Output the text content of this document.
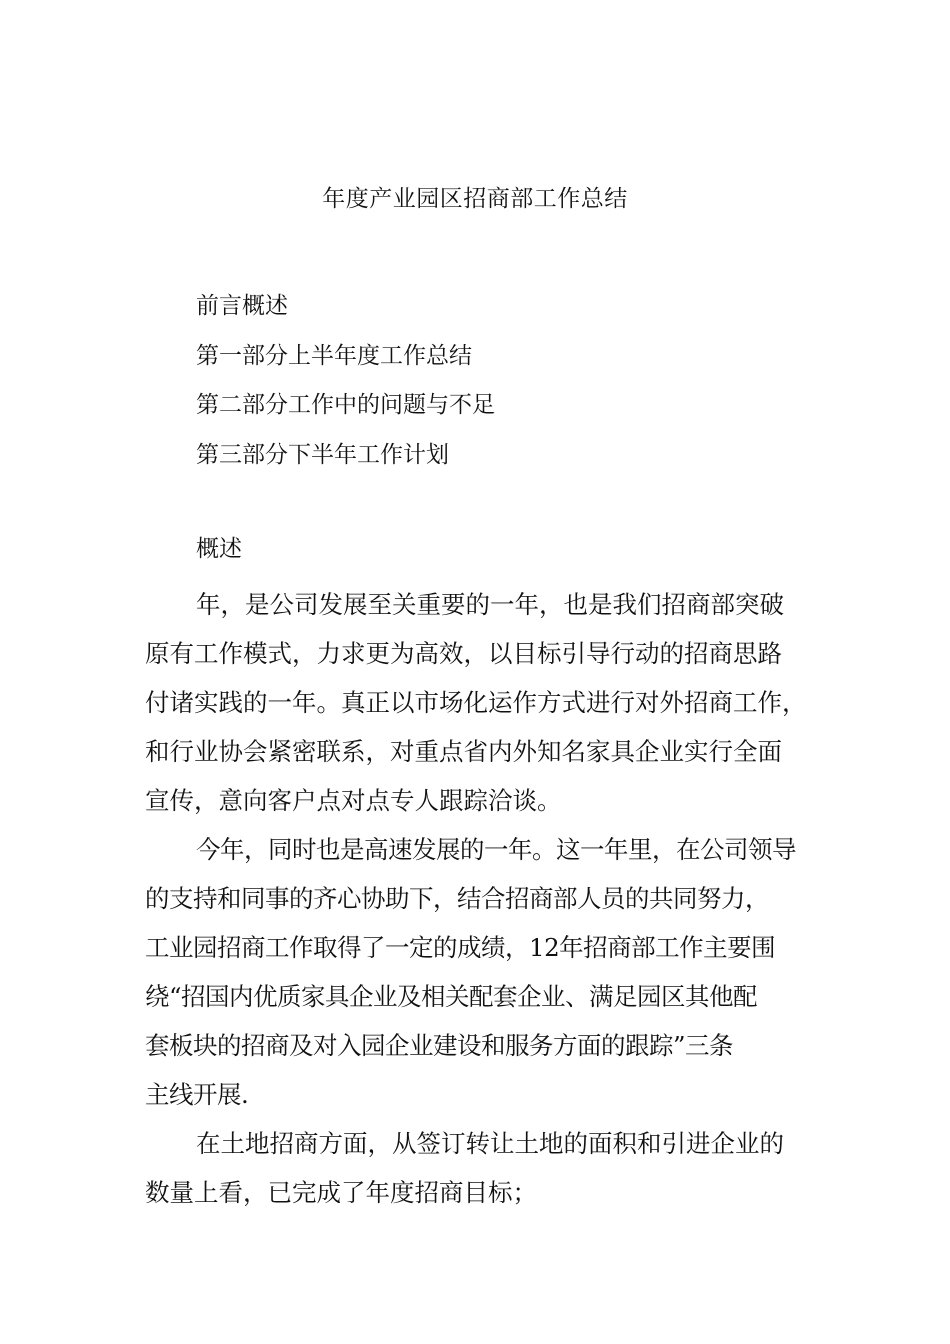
年度产业园区招商部工作总结
前言概述
第一部分上半年度工作总结
第二部分工作中的问题与不足
第三部分下半年工作计划
概述

年，是公司发展至关重要的一年，也是我们招商部突破
原有工作模式，力求更为高效，以目标引导行动的招商思路
付诸实践的一年。真正以市场化运作方式进行对外招商工作，
和行业协会紧密联系，对重点省内外知名家具企业实行全面
宣传，意向客户点对点专人跟踪洽谈。

今年，同时也是高速发展的一年。这一年里，在公司领导
的支持和同事的齐心协助下，结合招商部人员的共同努力，
工业园招商工作取得了一定的成绩，12年招商部工作主要围
绕“招国内优质家具企业及相关配套企业、满足园区其他配
套板块的招商及对入园企业建设和服务方面的跟踪”三条
主线开展.

在土地招商方面，从签订转让土地的面积和引进企业的
数量上看，已完成了年度招商目标；
